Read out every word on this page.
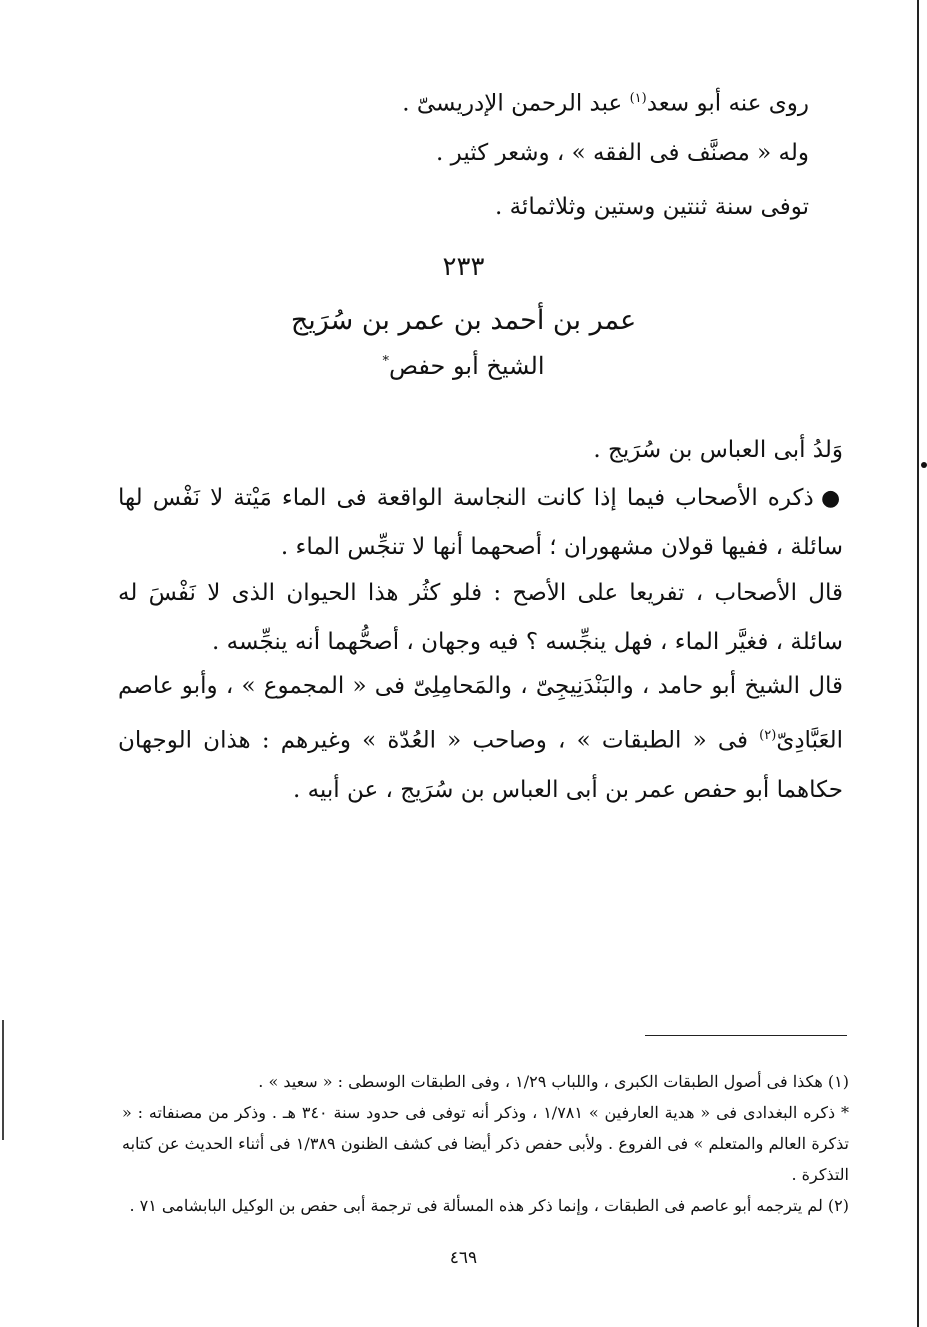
روى عنه أبو سعد$^{(١)}$ عبد الرحمن الإدريسىّ .
وله « مصنَّف فى الفقه » ، وشعر كثير .
توفى سنة ثنتين وستين وثلاثمائة .
٢٣٣
عمر بن أحمد بن عمر بن سُرَيج
الشيخ أبو حفص*
وَلدُ أبى العباس بن سُرَيج .
● ذكره الأصحاب فيما إذا كانت النجاسة الواقعة فى الماء مَيْتة لا نَفْس لها سائلة ، ففيها قولان مشهوران ؛ أصحهما أنها لا تنجِّس الماء .
قال الأصحاب ، تفريعا على الأصح : فلو كثُر هذا الحيوان الذى لا نَفْسَ له سائلة ، فغيَّر الماء ، فهل ينجِّسه ؟ فيه وجهان ، أصحُّهما أنه ينجِّسه .
قال الشيخ أبو حامد ، والبَنْدَنِيجِىّ ، والمَحامِلِىّ فى « المجموع » ، وأبو عاصم العَبَّادِىّ$^{(٢)}$ فى « الطبقات » ، وصاحب « العُدّة » وغيرهم : هذان الوجهان حكاهما أبو حفص عمر بن أبى العباس بن سُرَيج ، عن أبيه .
(١) هكذا فى أصول الطبقات الكبرى ، واللباب ١/٢٩ ، وفى الطبقات الوسطى : « سعيد » .
* ذكره البغدادى فى « هدية العارفين » ١/٧٨١ ، وذكر أنه توفى فى حدود سنة ٣٤٠ هـ . وذكر من مصنفاته : « تذكرة العالم والمتعلم » فى الفروع . ولأبى حفص ذكر أيضا فى كشف الظنون ١/٣٨٩ فى أثناء الحديث عن كتابه التذكرة .
(٢) لم يترجمه أبو عاصم فى الطبقات ، وإنما ذكر هذه المسألة فى ترجمة أبى حفص بن الوكيل البابشامى ٧١ .
٤٦٩
